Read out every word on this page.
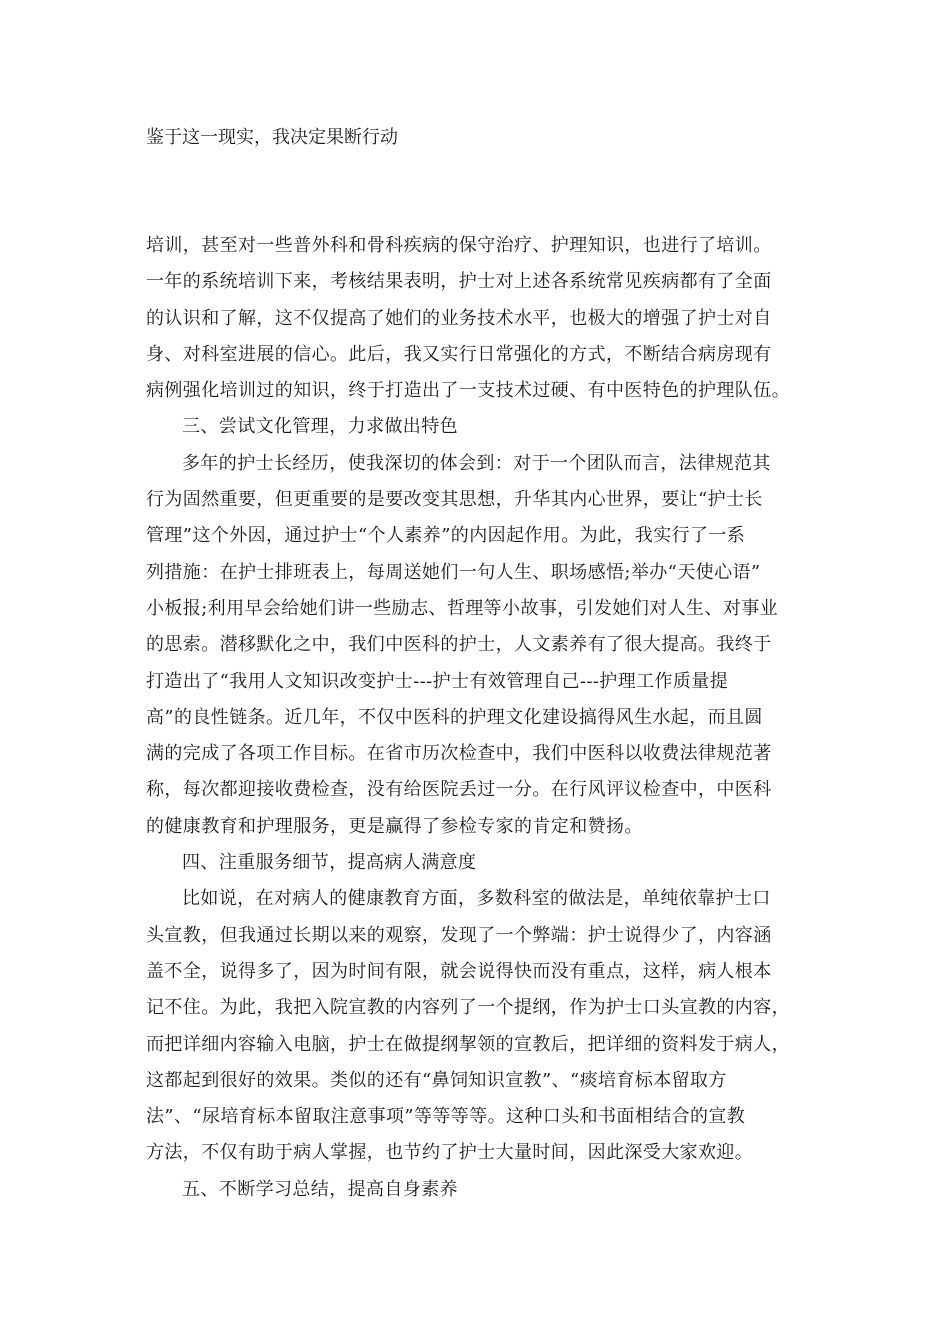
鉴于这一现实，我决定果断行动
培训，甚至对一些普外科和骨科疾病的保守治疗、护理知识，也进行了培训。
一年的系统培训下来，考核结果表明，护士对上述各系统常见疾病都有了全面
的认识和了解，这不仅提高了她们的业务技术水平，也极大的增强了护士对自
身、对科室进展的信心。此后，我又实行日常强化的方式，不断结合病房现有
病例强化培训过的知识，终于打造出了一支技术过硬、有中医特色的护理队伍。
三、尝试文化管理，力求做出特色
多年的护士长经历，使我深切的体会到：对于一个团队而言，法律规范其
行为固然重要，但更重要的是要改变其思想，升华其内心世界，要让“护士长
管理”这个外因，通过护士“个人素养”的内因起作用。为此，我实行了一系
列措施：在护士排班表上，每周送她们一句人生、职场感悟;举办“天使心语”
小板报;利用早会给她们讲一些励志、哲理等小故事，引发她们对人生、对事业
的思索。潜移默化之中，我们中医科的护士，人文素养有了很大提高。我终于
打造出了“我用人文知识改变护士---护士有效管理自己---护理工作质量提
高”的良性链条。近几年，不仅中医科的护理文化建设搞得风生水起，而且圆
满的完成了各项工作目标。在省市历次检查中，我们中医科以收费法律规范著
称，每次都迎接收费检查，没有给医院丢过一分。在行风评议检查中，中医科
的健康教育和护理服务，更是赢得了参检专家的肯定和赞扬。
四、注重服务细节，提高病人满意度
比如说，在对病人的健康教育方面，多数科室的做法是，单纯依靠护士口
头宣教，但我通过长期以来的观察，发现了一个弊端：护士说得少了，内容涵
盖不全，说得多了，因为时间有限，就会说得快而没有重点，这样，病人根本
记不住。为此，我把入院宣教的内容列了一个提纲，作为护士口头宣教的内容，
而把详细内容输入电脑，护士在做提纲挈领的宣教后，把详细的资料发于病人，
这都起到很好的效果。类似的还有“鼻饲知识宣教”、“痰培育标本留取方
法”、“尿培育标本留取注意事项”等等等等。这种口头和书面相结合的宣教
方法，不仅有助于病人掌握，也节约了护士大量时间，因此深受大家欢迎。
五、不断学习总结，提高自身素养
